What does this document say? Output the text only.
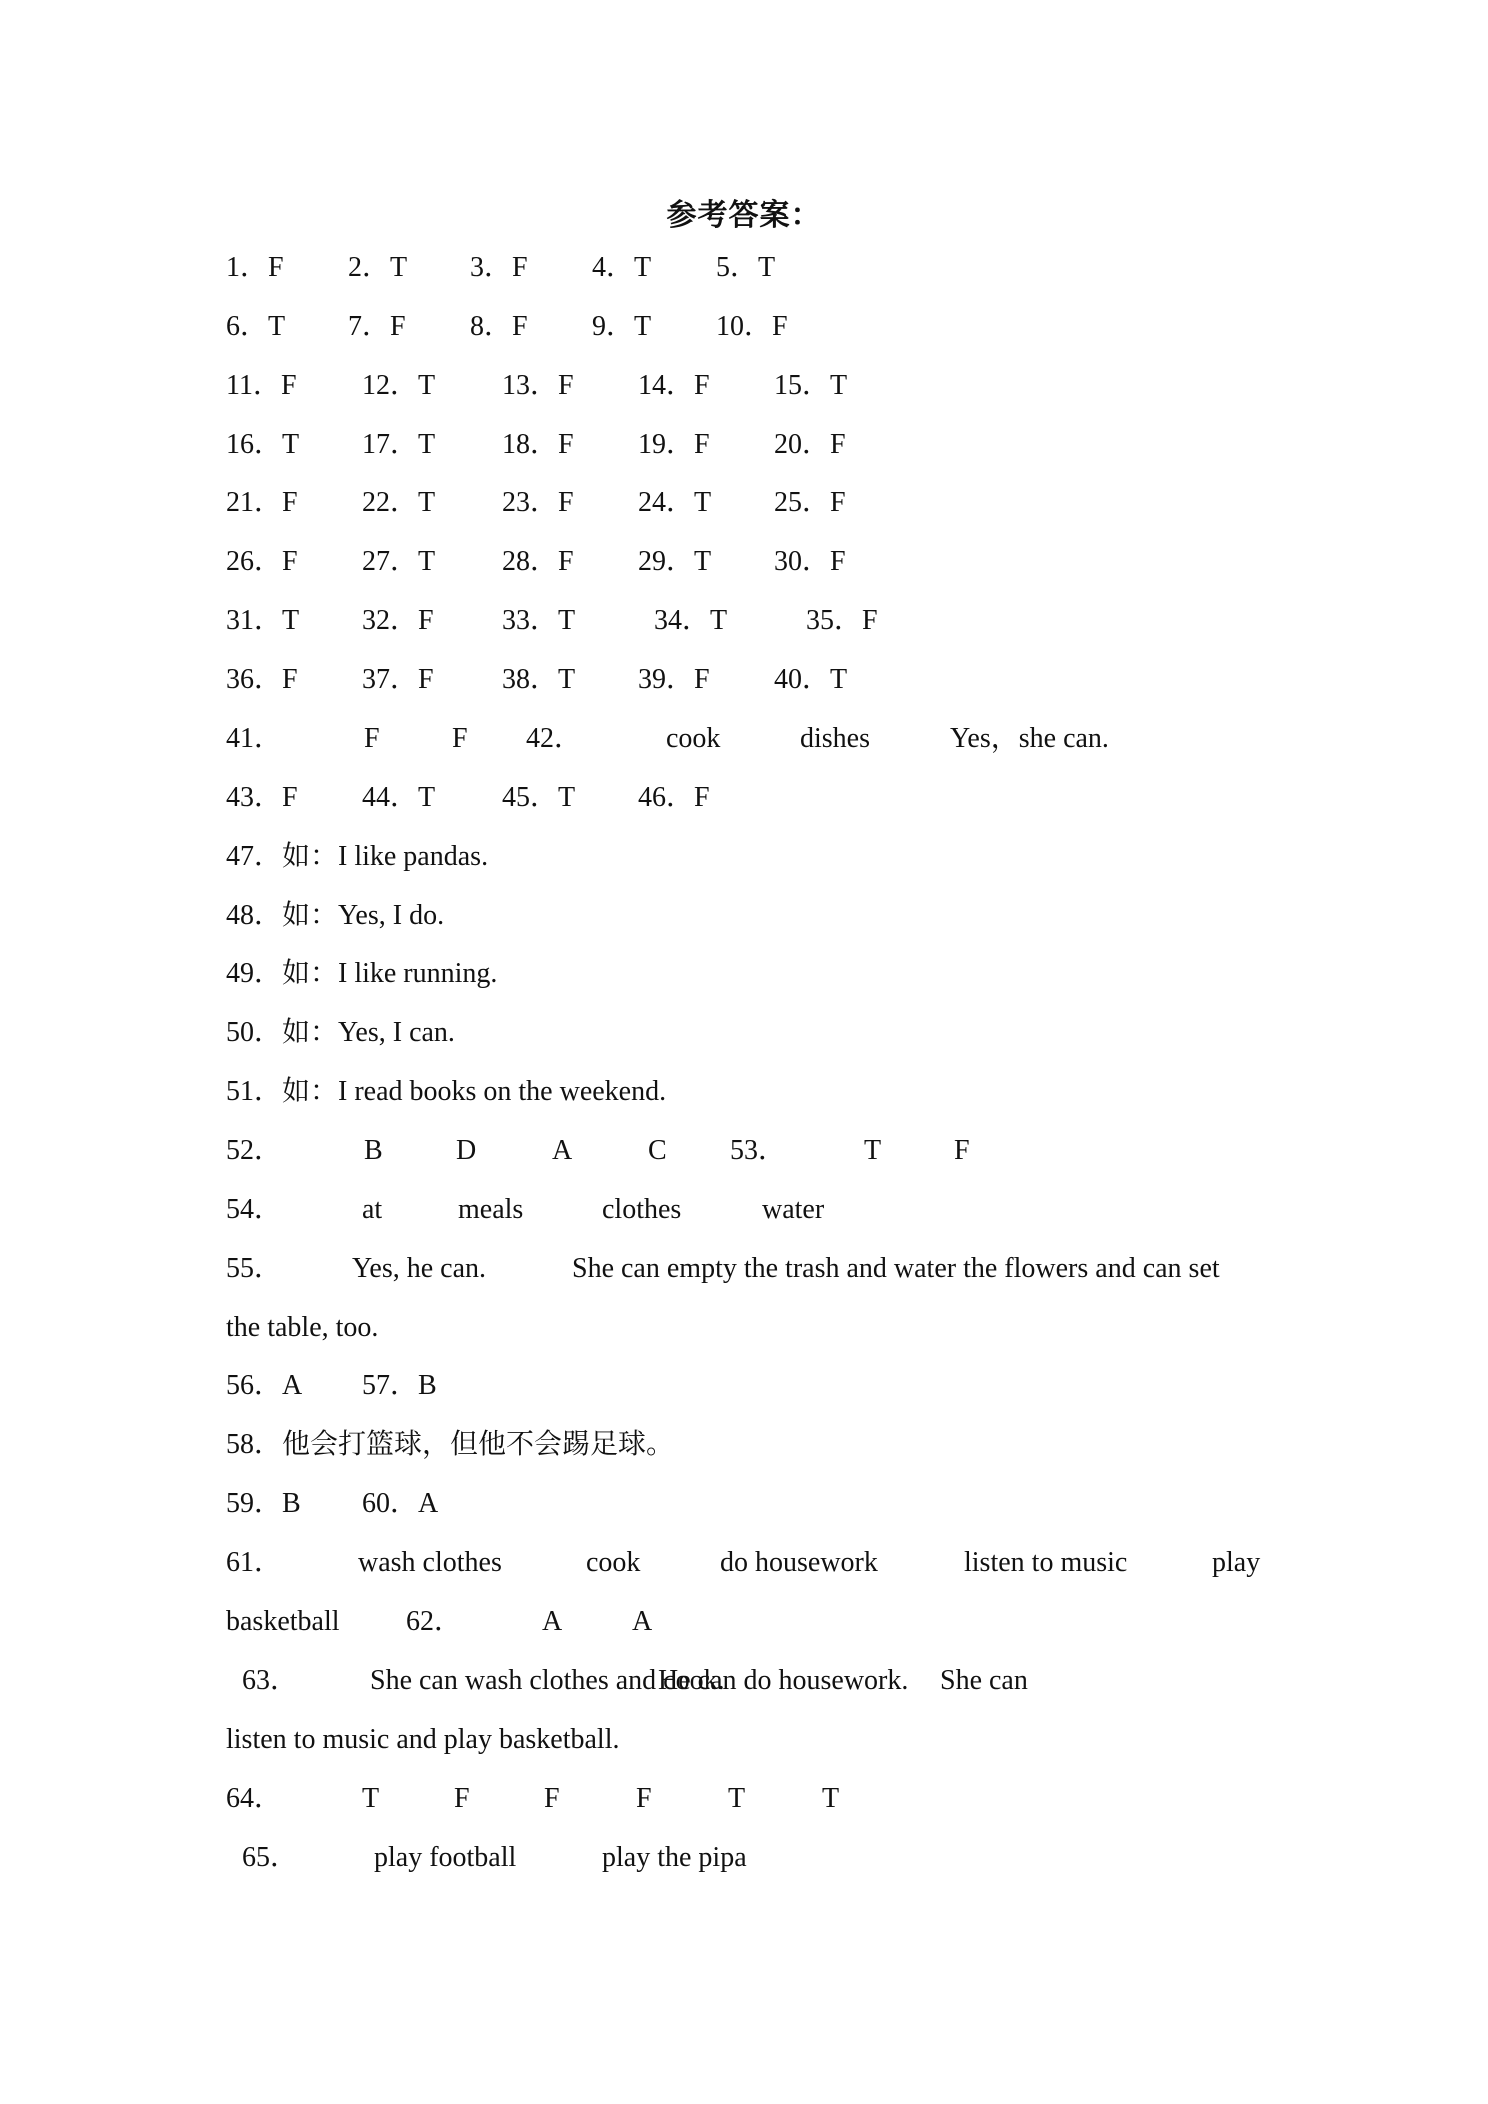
参考答案：
1．F 2．T 3．F 4．T 5．T
6．T 7．F 8．F 9．T 10．F
11．F 12．T 13．F 14．F 15．T
16．T 17．T 18．F 19．F 20．F
21．F 22．T 23．F 24．T 25．F
26．F 27．T 28．F 29．T 30．F
31．T 32．F 33．T	34．T	35．F
36．F 37．F 38．T 39．F 40．T
41．	F	F 42．	cook	dishes	Yes，she can.
43．F 44．T 45．T 46．F
47．如：I like pandas.
48．如：Yes, I do.
49．如：I like running.
50．如：Yes, I can.
51．如：I read books on the weekend.
52．	B	D	A	C 53．	T	F
54．	at	meals	clothes	water
55． Yes, he can.	She can empty the trash and water the flowers and can set
the table, too.
56．A 57．B
58．他会打篮球，但他不会踢足球。
59．B 60．A
61．	wash clothes	cook	do housework	listen to music	play
basketball 62．	A A
63．	She can wash clothes and cook.
He can do housework. She can
listen to music and play basketball.
64．	T	F	F	F	T	T
65．	play football	play the pipa
